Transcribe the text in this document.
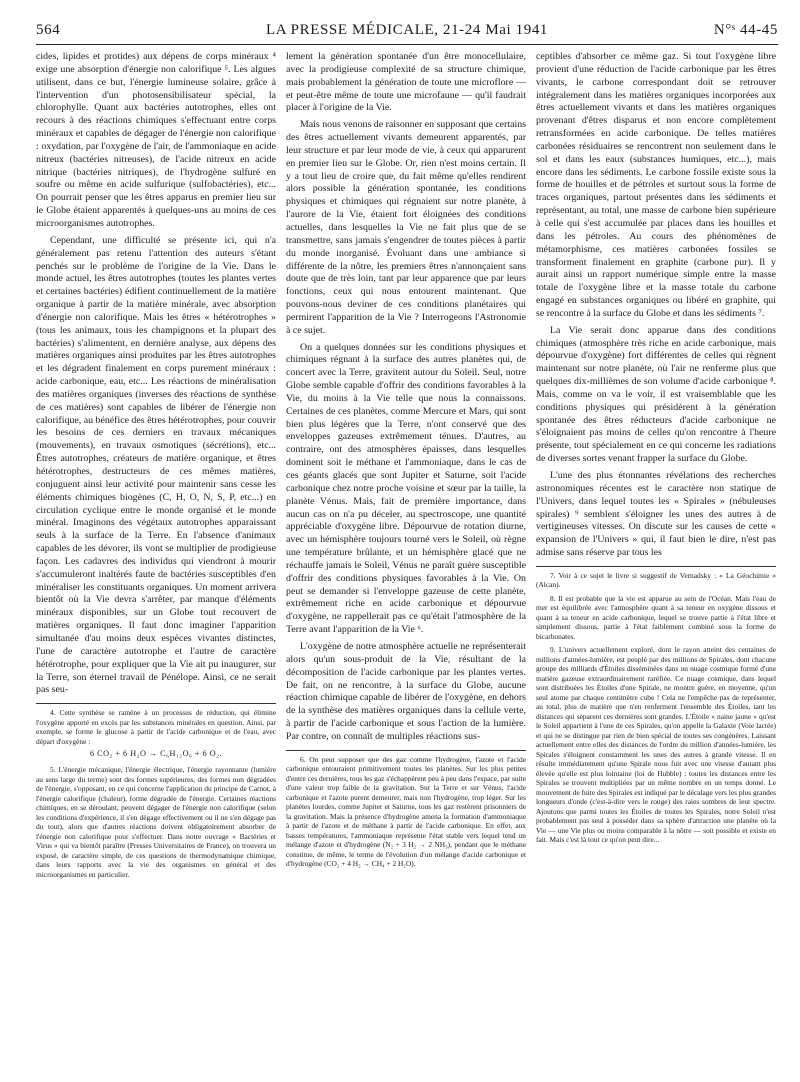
564	LA PRESSE MÉDICALE, 21-24 Mai 1941	N°ˢ 44-45

cides, lipides et protides) aux dépens de corps minéraux ⁴ exige une absorption d'énergie non calorifique ⁵. Les algues utilisent, dans ce but, l'énergie lumineuse solaire, grâce à l'intervention d'un photosensibilisateur spécial, la chlorophylle. Quant aux bactéries autotrophes, elles ont recours à des réactions chimiques s'effectuant entre corps minéraux et capables de dégager de l'énergie non calorifique : oxydation, par l'oxygène de l'air, de l'ammoniaque en acide nitreux (bactéries nitreuses), de l'acide nitreux en acide nitrique (bactéries nitriques), de l'hydrogène sulfuré en soufre ou même en acide sulfurique (sulfobactéries), etc... On pourrait penser que les êtres apparus en premier lieu sur le Globe étaient apparentés à quelques-uns au moins de ces microorganismes autotrophes.

Cependant, une difficulté se présente ici, qui n'a généralement pas retenu l'attention des auteurs s'étant penchés sur le problème de l'origine de la Vie. Dans le monde actuel, les êtres autotrophes (toutes les plantes vertes et certaines bactéries) édifient continuellement de la matière organique à partir de la matière minérale, avec absorption d'énergie non calorifique. Mais les êtres « hétérotrophes » (tous les animaux, tous les champignons et la plupart des bactéries) s'alimentent, en dernière analyse, aux dépens des matières organiques ainsi produites par les êtres autotrophes et les dégradent finalement en corps purement minéraux : acide carbonique, eau, etc... Les réactions de minéralisation des matières organiques (inverses des réactions de synthèse de ces matières) sont capables de libérer de l'énergie non calorifique, au bénéfice des êtres hétérotrophes, pour couvrir les besoins de ces derniers en travaux mécaniques (mouvements), en travaux osmotiques (sécrétions), etc... Êtres autotrophes, créateurs de matière organique, et êtres hétérotrophes, destructeurs de ces mêmes matières, conjuguent ainsi leur activité pour maintenir sans cesse les éléments chimiques biogènes (C, H, O, N, S, P, etc...) en circulation cyclique entre le monde organisé et le monde minéral. Imaginons des végétaux autotrophes apparaissant seuls à la surface de la Terre. En l'absence d'animaux capables de les dévorer, ils vont se multiplier de prodigieuse façon. Les cadavres des individus qui viendront à mourir s'accumuleront inaltérés faute de bactéries susceptibles d'en minéraliser les constituants organiques. Un moment arrivera bientôt où la Vie devra s'arrêter, par manque d'éléments minéraux disponibles, sur un Globe tout recouvert de matières organiques. Il faut donc imaginer l'apparition simultanée d'au moins deux espèces vivantes distinctes, l'une de caractère autotrophe et l'autre de caractère hétérotrophe, pour expliquer que la Vie ait pu inaugurer, sur la Terre, son éternel travail de Pénélope. Ainsi, ce ne serait pas seu-

4. Cette synthèse se ramène à un processus de réduction, qui élimine l'oxygène apporté en excès par les substances minérales en question. Ainsi, par exemple, se forme le glucose à partir de l'acide carbonique et de l'eau, avec départ d'oxygène :

6 CO₂ + 6 H₂O → C₆H₁₂O₆ + 6 O₂.

5. L'énergie mécanique, l'énergie électrique, l'énergie rayonnante (lumière au sens large du terme) sont des formes supérieures, des formes non dégradées de l'énergie, s'opposant, en ce qui concerne l'application du principe de Carnot, à l'énergie calorifique (chaleur), forme dégradée de l'énergie. Certaines réactions chimiques, en se déroulant, peuvent dégager de l'énergie non calorifique (selon les conditions d'expérience, il s'en dégage effectivement ou il ne s'en dégage pas du tout), alors que d'autres réactions doivent obligatoirement absorber de l'énergie non calorifique pour s'effectuer. Dans notre ouvrage « Bactéries et Virus » qui va bientôt paraître (Presses Universitaires de France), on trouvera un exposé, de caractère simple, de ces questions de thermodynamique chimique, dans leurs rapports avec la vie des organismes en général et des microorganismes en particulier.

lement la génération spontanée d'un être monocellulaire, avec la prodigieuse complexité de sa structure chimique, mais probablement la génération de toute une microflore — et peut-être même de toute une microfaune — qu'il faudrait placer à l'origine de la Vie.

Mais nous venons de raisonner en supposant que certains des êtres actuellement vivants demeurent apparentés, par leur structure et par leur mode de vie, à ceux qui apparurent en premier lieu sur le Globe. Or, rien n'est moins certain. Il y a tout lieu de croire que, du fait même qu'elles rendirent alors possible la génération spontanée, les conditions physiques et chimiques qui régnaient sur notre planète, à l'aurore de la Vie, étaient fort éloignées des conditions actuelles, dans lesquelles la Vie ne fait plus que de se transmettre, sans jamais s'engendrer de toutes pièces à partir du monde inorganisé. Évoluant dans une ambiance si différente de la nôtre, les premiers êtres n'annonçaient sans doute que de très loin, tant par leur apparence que par leurs fonctions, ceux qui nous entourent maintenant. Que pouvons-nous deviner de ces conditions planétaires qui permirent l'apparition de la Vie ? Interrogeons l'Astronomie à ce sujet.

On a quelques données sur les conditions physiques et chimiques régnant à la surface des autres planètes qui, de concert avec la Terre, gravitent autour du Soleil. Seul, notre Globe semble capable d'offrir des conditions favorables à la Vie, du moins à la Vie telle que nous la connaissons. Certaines de ces planètes, comme Mercure et Mars, qui sont bien plus légères que la Terre, n'ont conservé que des enveloppes gazeuses extrêmement ténues. D'autres, au contraire, ont des atmosphères épaisses, dans lesquelles dominent soit le méthane et l'ammoniaque, dans le cas de ces géants glacés que sont Jupiter et Saturne, soit l'acide carbonique chez notre proche voisine et sœur par la taille, la planète Vénus. Mais, fait de première importance, dans aucun cas on n'a pu déceler, au spectroscope, une quantité appréciable d'oxygène libre. Dépourvue de rotation diurne, avec un hémisphère toujours tourné vers le Soleil, où règne une température brûlante, et un hémisphère glacé que ne réchauffe jamais le Soleil, Vénus ne paraît guère susceptible d'offrir des conditions physiques favorables à la Vie. On peut se demander si l'enveloppe gazeuse de cette planète, extrêmement riche en acide carbonique et dépourvue d'oxygène, ne rappellerait pas ce qu'était l'atmosphère de la Terre avant l'apparition de la Vie ⁶.

L'oxygène de notre atmosphère actuelle ne représenterait alors qu'un sous-produit de la Vie, résultant de la décomposition de l'acide carbonique par les plantes vertes. De fait, on ne rencontre, à la surface du Globe, aucune réaction chimique capable de libérer de l'oxygène, en dehors de la synthèse des matières organiques dans la cellule verte, à partir de l'acide carbonique et sous l'action de la lumière. Par contre, on connaît de multiples réactions sus-

6. On peut supposer que des gaz comme l'hydrogène, l'azote et l'acide carbonique entouraient primitivement toutes les planètes. Sur les plus petites d'entre ces dernières, tous les gaz s'échappèrent peu à peu dans l'espace, par suite d'une valeur trop faible de la gravitation. Sur la Terre et sur Vénus, l'acide carbonique et l'azote purent demeurer, mais non l'hydrogène, trop léger. Sur les planètes lourdes, comme Jupiter et Saturne, tous les gaz restèrent prisonniers de la gravitation. Mais la présence d'hydrogène amena la formation d'ammoniaque à partir de l'azote et de méthane à partir de l'acide carbonique. En effet, aux basses températures, l'ammoniaque représente l'état stable vers lequel tend un mélange d'azote et d'hydrogène (N₂ + 3 H₂ → 2 NH₃), pendant que le méthane constitue, de même, le terme de l'évolution d'un mélange d'acide carbonique et d'hydrogène (CO₂ + 4 H₂ → CH₄ + 2 H₂O).

ceptibles d'absorber ce même gaz. Si tout l'oxygène libre provient d'une réduction de l'acide carbonique par les êtres vivants, le carbone correspondant doit se retrouver intégralement dans les matières organiques incorporées aux êtres actuellement vivants et dans les matières organiques provenant d'êtres disparus et non encore complètement retransformées en acide carbonique. De telles matières carbonées résiduaires se rencontrent non seulement dans le sol et dans les eaux (substances humiques, etc...), mais encore dans les sédiments. Le carbone fossile existe sous la forme de houilles et de pétroles et surtout sous la forme de traces organiques, partout présentes dans les sédiments et représentant, au total, une masse de carbone bien supérieure à celle qui s'est accumulée par places dans les houilles et dans les pétroles. Au cours des phénomènes de métamorphisme, ces matières carbonées fossiles se transforment finalement en graphite (carbone pur). Il y aurait ainsi un rapport numérique simple entre la masse totale de l'oxygène libre et la masse totale du carbone engagé en substances organiques ou libéré en graphite, qui se rencontre à la surface du Globe et dans les sédiments ⁷.

La Vie serait donc apparue dans des conditions chimiques (atmosphère très riche en acide carbonique, mais dépourvue d'oxygène) fort différentes de celles qui règnent maintenant sur notre planète, où l'air ne renferme plus que quelques dix-millièmes de son volume d'acide carbonique ⁸. Mais, comme on va le voir, il est vraisemblable que les conditions physiques qui présidèrent à la génération spontanée des êtres réducteurs d'acide carbonique ne s'éloignaient pas moins de celles qu'on rencontre à l'heure présente, tout spécialement en ce qui concerne les radiations de diverses sortes venant frapper la surface du Globe.

L'une des plus étonnantes révélations des recherches astronomiques récentes est le caractère non statique de l'Univers, dans lequel toutes les « Spirales » (nébuleuses spirales) ⁹ semblent s'éloigner les unes des autres à de vertigineuses vitesses. On discute sur les causes de cette « expansion de l'Univers » qui, il faut bien le dire, n'est pas admise sans réserve par tous les

7. Voir à ce sujet le livre si suggestif de Vernadsky : « La Géochimie » (Alcan).

8. Il est probable que la vie est apparue au sein de l'Océan. Mais l'eau de mer est équilibrée avec l'atmosphère quant à sa teneur en oxygène dissous et quant à sa teneur en acide carbonique, lequel se trouve partie à l'état libre et simplement dissous, partie à l'état faiblement combiné sous la forme de bicarbonates.

9. L'univers actuellement exploré, dont le rayon atteint des centaines de millions d'années-lumière, est peuplé par des millions de Spirales, dont chacune groupe des milliards d'Étoiles disséminées dans un nuage cosmique formé d'une matière gazeuse extraordinairement raréfiée. Ce nuage cosmique, dans lequel sont distribuées les Étoiles d'une Spirale, ne montre guère, en moyenne, qu'un seul atome par chaque centimètre cube ! Cela ne l'empêche pas de représenter, au total, plus de matière que n'en renferment l'ensemble des Étoiles, tant les distances qui séparent ces dernières sont grandes. L'Étoile « naine jaune » qu'est le Soleil appartient à l'une de ces Spirales, qu'on appelle la Galaxie (Voie lactée) et qui ne se distingue par rien de bien spécial de toutes ses congénères. Laissant actuellement entre elles des distances de l'ordre du million d'années-lumière, les Spirales s'éloignent constamment les unes des autres à grande vitesse. Il en résulte immédiatement qu'une Spirale nous fuit avec une vitesse d'autant plus élevée qu'elle est plus lointaine (loi de Hubble) : toutes les distances entre les Spirales se trouvent multipliées par un même nombre en un temps donné. Le mouvement de fuite des Spirales est indiqué par le décalage vers les plus grandes longueurs d'onde (c'est-à-dire vers le rouge) des raies sombres de leur spectre. Ajoutons que parmi toutes les Étoiles de toutes les Spirales, notre Soleil n'est probablement pas seul à posséder dans sa sphère d'attraction une planète où la Vie — une Vie plus ou moins comparable à la nôtre — soit possible et existe en fait. Mais c'est là tout ce qu'on peut dire...
